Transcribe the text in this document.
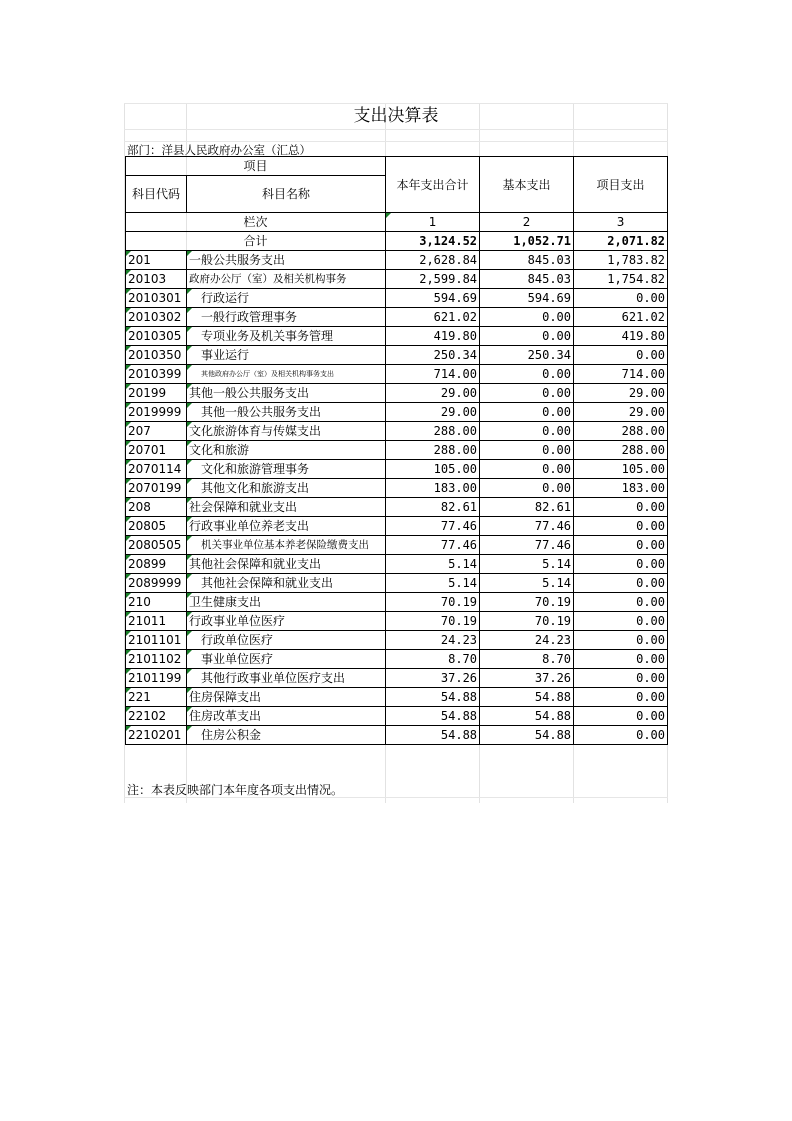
支出决算表
部门：洋县人民政府办公室（汇总）
项目		本年支出合计	基本支出	项目支出
科目代码	科目名称			

栏次		1	2	3
合计		3,124.52	1,052.71	2,071.82
201	一般公共服务支出	2,628.84	845.03	1,783.82
20103	政府办公厅（室）及相关机构事务	2,599.84	845.03	1,754.82
2010301	行政运行	594.69	594.69	0.00
2010302	一般行政管理事务	621.02	0.00	621.02
2010305	专项业务及机关事务管理	419.80	0.00	419.80
2010350	事业运行	250.34	250.34	0.00
2010399	其他政府办公厅（室）及相关机构事务支出	714.00	0.00	714.00
20199	其他一般公共服务支出	29.00	0.00	29.00
2019999	其他一般公共服务支出	29.00	0.00	29.00
207	文化旅游体育与传媒支出	288.00	0.00	288.00
20701	文化和旅游	288.00	0.00	288.00
2070114	文化和旅游管理事务	105.00	0.00	105.00
2070199	其他文化和旅游支出	183.00	0.00	183.00
208	社会保障和就业支出	82.61	82.61	0.00
20805	行政事业单位养老支出	77.46	77.46	0.00
2080505	机关事业单位基本养老保险缴费支出	77.46	77.46	0.00
20899	其他社会保障和就业支出	5.14	5.14	0.00
2089999	其他社会保障和就业支出	5.14	5.14	0.00
210	卫生健康支出	70.19	70.19	0.00
21011	行政事业单位医疗	70.19	70.19	0.00
2101101	行政单位医疗	24.23	24.23	0.00
2101102	事业单位医疗	8.70	8.70	0.00
2101199	其他行政事业单位医疗支出	37.26	37.26	0.00
221	住房保障支出	54.88	54.88	0.00
22102	住房改革支出	54.88	54.88	0.00
2210201	住房公积金	54.88	54.88	0.00
注：本表反映部门本年度各项支出情况。
